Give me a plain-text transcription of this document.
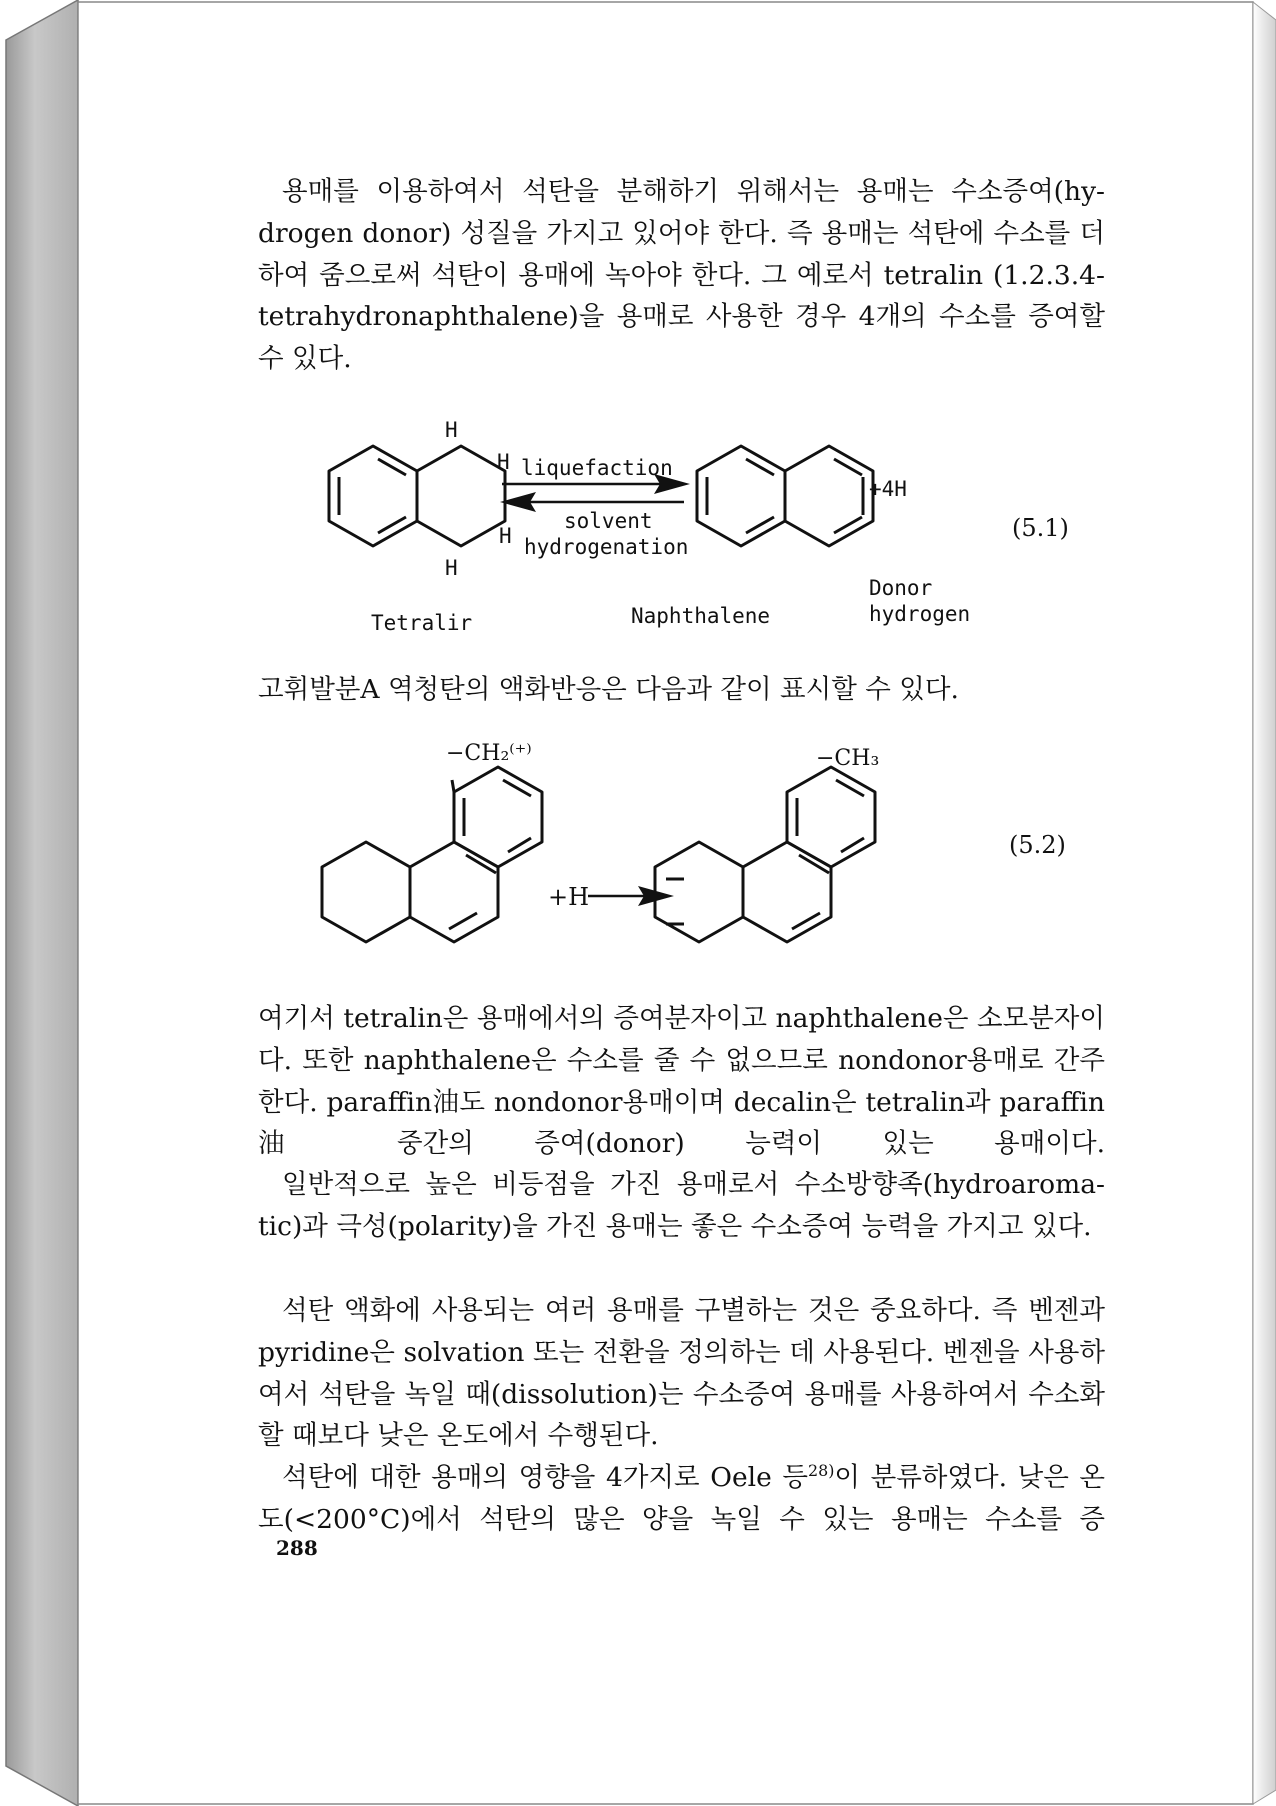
용매를 이용하여서 석탄을 분해하기 위해서는 용매는 수소증여(hy-drogen donor) 성질을 가지고 있어야 한다. 즉 용매는 석탄에 수소를 더하여 줌으로써 석탄이 용매에 녹아야 한다. 그 예로서 tetralin (1.2.3.4-tetrahydronaphthalene)을 용매로 사용한 경우 4개의 수소를 증여할 수 있다.

H
H
H
H
liquefaction
solvent
hydrogenation
+4H
(5.1)
Tetralir	Naphthalene
Donor
hydrogen

고휘발분A 역청탄의 액화반응은 다음과 같이 표시할 수 있다.

−CH₂⁽⁺⁾
+H
−CH₃
(5.2)

여기서 tetralin은 용매에서의 증여분자이고 naphthalene은 소모분자이다. 또한 naphthalene은 수소를 줄 수 없으므로 nondonor용매로 간주한다. paraffin油도 nondonor용매이며 decalin은 tetralin과 paraffin油 중간의 증여(donor) 능력이 있는 용매이다.

일반적으로 높은 비등점을 가진 용매로서 수소방향족(hydroaroma-tic)과 극성(polarity)을 가진 용매는 좋은 수소증여 능력을 가지고 있다.

석탄 액화에 사용되는 여러 용매를 구별하는 것은 중요하다. 즉 벤젠과 pyridine은 solvation 또는 전환을 정의하는 데 사용된다. 벤젠을 사용하여서 석탄을 녹일 때(dissolution)는 수소증여 용매를 사용하여서 수소화할 때보다 낮은 온도에서 수행된다.

석탄에 대한 용매의 영향을 4가지로 Oele 등$^{28)}$이 분류하였다. 낮은 온도(<200°C)에서 석탄의 많은 양을 녹일 수 있는 용매는 수소를 증

288
